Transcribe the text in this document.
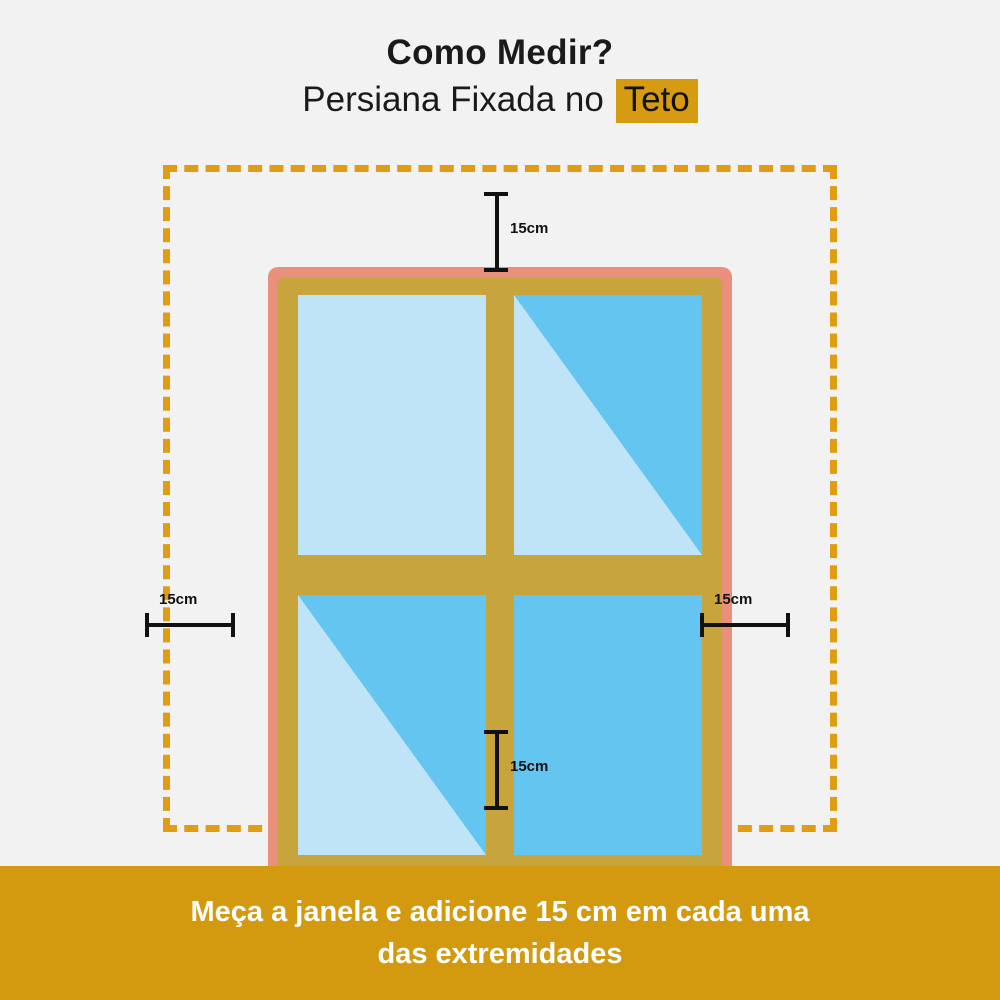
Como Medir?
Persiana Fixada no Teto
15cm
15cm
15cm	15cm
Meça a janela e adicione 15 cm em cada uma
das extremidades
